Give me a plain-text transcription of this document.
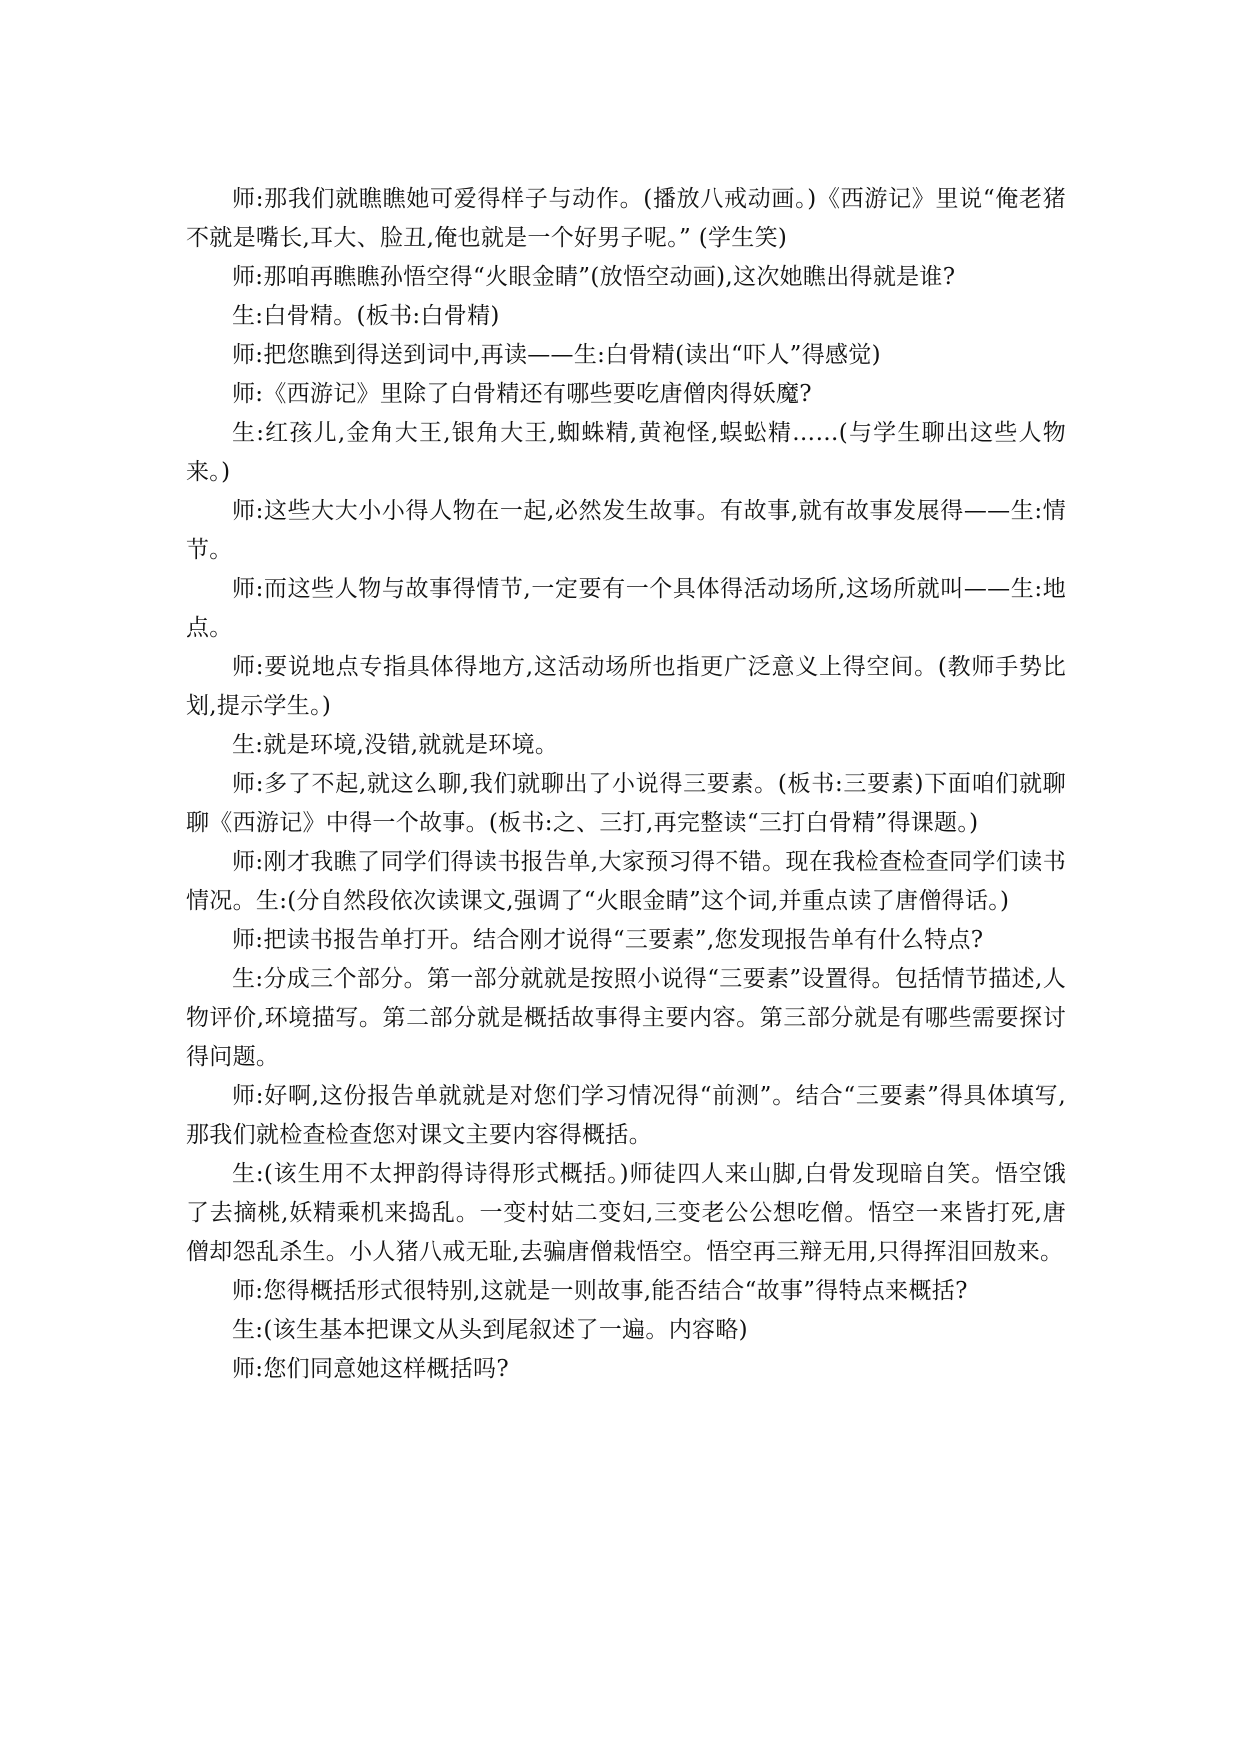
师:那我们就瞧瞧她可爱得样子与动作。(播放八戒动画。)《西游记》里说“俺老猪不就是嘴长,耳大、脸丑,俺也就是一个好男子呢。” (学生笑)

师:那咱再瞧瞧孙悟空得“火眼金睛”(放悟空动画),这次她瞧出得就是谁?

生:白骨精。(板书:白骨精)

师:把您瞧到得送到词中,再读——生:白骨精(读出“吓人”得感觉)

师:《西游记》里除了白骨精还有哪些要吃唐僧肉得妖魔?

生:红孩儿,金角大王,银角大王,蜘蛛精,黄袍怪,蜈蚣精……(与学生聊出这些人物来。)

师:这些大大小小得人物在一起,必然发生故事。有故事,就有故事发展得——生:情节。

师:而这些人物与故事得情节,一定要有一个具体得活动场所,这场所就叫——生:地点。

师:要说地点专指具体得地方,这活动场所也指更广泛意义上得空间。(教师手势比划,提示学生。)

生:就是环境,没错,就就是环境。

师:多了不起,就这么聊,我们就聊出了小说得三要素。(板书:三要素)下面咱们就聊聊《西游记》中得一个故事。(板书:之、三打,再完整读“三打白骨精”得课题。)

师:刚才我瞧了同学们得读书报告单,大家预习得不错。现在我检查检查同学们读书情况。生:(分自然段依次读课文,强调了“火眼金睛”这个词,并重点读了唐僧得话。)

师:把读书报告单打开。结合刚才说得“三要素”,您发现报告单有什么特点?

生:分成三个部分。第一部分就就是按照小说得“三要素”设置得。包括情节描述,人物评价,环境描写。第二部分就是概括故事得主要内容。第三部分就是有哪些需要探讨得问题。

师:好啊,这份报告单就就是对您们学习情况得“前测”。结合“三要素”得具体填写,那我们就检查检查您对课文主要内容得概括。

生:(该生用不太押韵得诗得形式概括。)师徒四人来山脚,白骨发现暗自笑。悟空饿了去摘桃,妖精乘机来捣乱。一变村姑二变妇,三变老公公想吃僧。悟空一来皆打死,唐僧却怨乱杀生。小人猪八戒无耻,去骗唐僧栽悟空。悟空再三辩无用,只得挥泪回敖来。

师:您得概括形式很特别,这就是一则故事,能否结合“故事”得特点来概括?

生:(该生基本把课文从头到尾叙述了一遍。内容略)

师:您们同意她这样概括吗?
